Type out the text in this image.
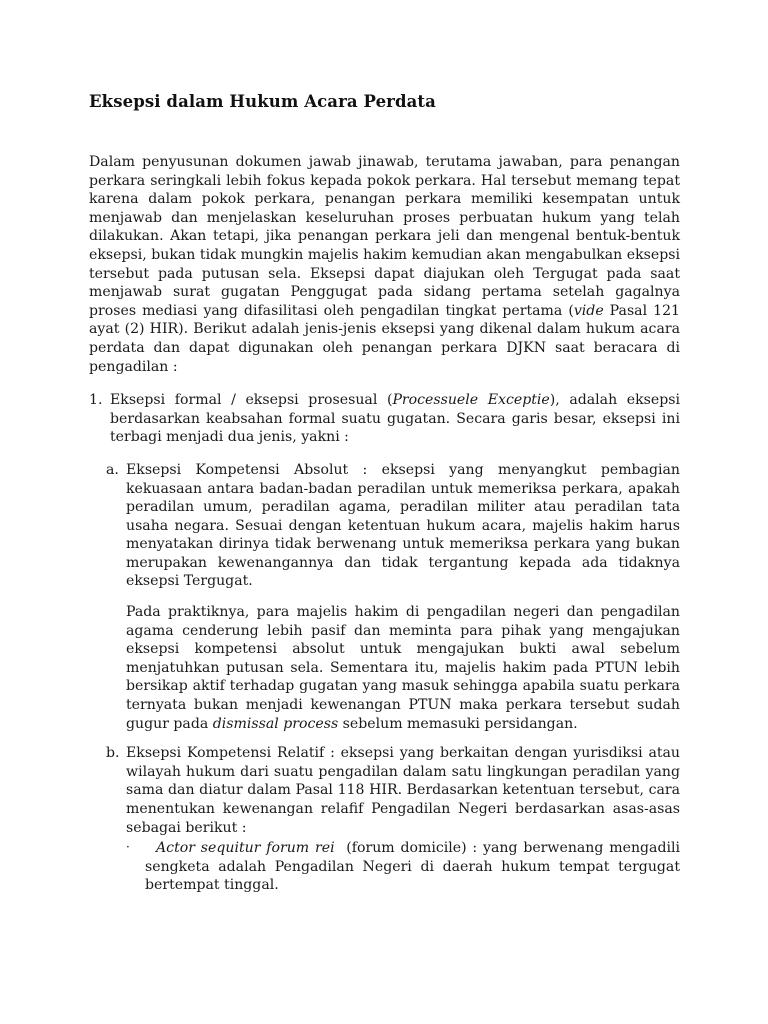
Eksepsi dalam Hukum Acara Perdata

Dalam penyusunan dokumen jawab jinawab, terutama jawaban, para penangan perkara seringkali lebih fokus kepada pokok perkara. Hal tersebut memang tepat karena dalam pokok perkara, penangan perkara memiliki kesempatan untuk menjawab dan menjelaskan keseluruhan proses perbuatan hukum yang telah dilakukan. Akan tetapi, jika penangan perkara jeli dan mengenal bentuk-bentuk eksepsi, bukan tidak mungkin majelis hakim kemudian akan mengabulkan eksepsi tersebut pada putusan sela. Eksepsi dapat diajukan oleh Tergugat pada saat menjawab surat gugatan Penggugat pada sidang pertama setelah gagalnya proses mediasi yang difasilitasi oleh pengadilan tingkat pertama (vide Pasal 121 ayat (2) HIR). Berikut adalah jenis-jenis eksepsi yang dikenal dalam hukum acara perdata dan dapat digunakan oleh penangan perkara DJKN saat beracara di pengadilan :

1. Eksepsi formal / eksepsi prosesual (Processuele Exceptie), adalah eksepsi berdasarkan keabsahan formal suatu gugatan. Secara garis besar, eksepsi ini terbagi menjadi dua jenis, yakni :
a. Eksepsi Kompetensi Absolut : eksepsi yang menyangkut pembagian kekuasaan antara badan-badan peradilan untuk memeriksa perkara, apakah peradilan umum, peradilan agama, peradilan militer atau peradilan tata usaha negara. Sesuai dengan ketentuan hukum acara, majelis hakim harus menyatakan dirinya tidak berwenang untuk memeriksa perkara yang bukan merupakan kewenangannya dan tidak tergantung kepada ada tidaknya eksepsi Tergugat.

Pada praktiknya, para majelis hakim di pengadilan negeri dan pengadilan agama cenderung lebih pasif dan meminta para pihak yang mengajukan eksepsi kompetensi absolut untuk mengajukan bukti awal sebelum menjatuhkan putusan sela. Sementara itu, majelis hakim pada PTUN lebih bersikap aktif terhadap gugatan yang masuk sehingga apabila suatu perkara ternyata bukan menjadi kewenangan PTUN maka perkara tersebut sudah gugur pada dismissal process sebelum memasuki persidangan.

b. Eksepsi Kompetensi Relatif : eksepsi yang berkaitan dengan yurisdiksi atau wilayah hukum dari suatu pengadilan dalam satu lingkungan peradilan yang sama dan diatur dalam Pasal 118 HIR. Berdasarkan ketentuan tersebut, cara menentukan kewenangan relafif Pengadilan Negeri berdasarkan asas-asas sebagai berikut :
·	Actor sequitur forum rei  (forum domicile) : yang berwenang mengadili sengketa adalah Pengadilan Negeri di daerah hukum tempat tergugat bertempat tinggal.
